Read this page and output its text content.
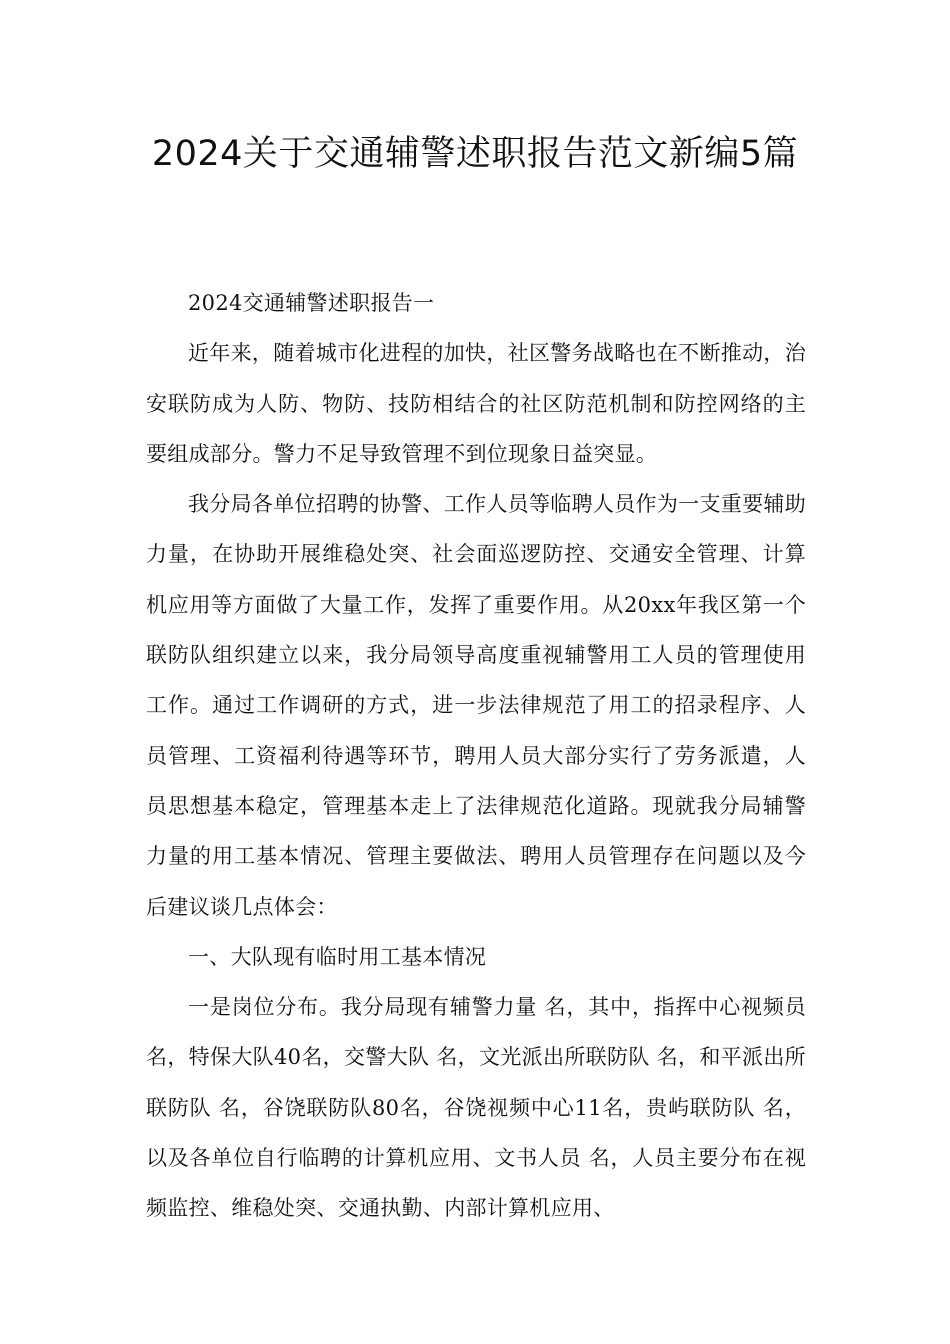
2024关于交通辅警述职报告范文新编5篇

2024交通辅警述职报告一

近年来，随着城市化进程的加快，社区警务战略也在不断推动，治安联防成为人防、物防、技防相结合的社区防范机制和防控网络的主要组成部分。警力不足导致管理不到位现象日益突显。

我分局各单位招聘的协警、工作人员等临聘人员作为一支重要辅助力量，在协助开展维稳处突、社会面巡逻防控、交通安全管理、计算机应用等方面做了大量工作，发挥了重要作用。从20xx年我区第一个联防队组织建立以来，我分局领导高度重视辅警用工人员的管理使用工作。通过工作调研的方式，进一步法律规范了用工的招录程序、人员管理、工资福利待遇等环节，聘用人员大部分实行了劳务派遣，人员思想基本稳定，管理基本走上了法律规范化道路。现就我分局辅警力量的用工基本情况、管理主要做法、聘用人员管理存在问题以及今后建议谈几点体会：

一、大队现有临时用工基本情况

一是岗位分布。我分局现有辅警力量 名，其中，指挥中心视频员 名，特保大队40名，交警大队 名，文光派出所联防队 名，和平派出所联防队 名，谷饶联防队80名，谷饶视频中心11名，贵屿联防队 名， 以及各单位自行临聘的计算机应用、文书人员 名，人员主要分布在视频监控、维稳处突、交通执勤、内部计算机应用、
